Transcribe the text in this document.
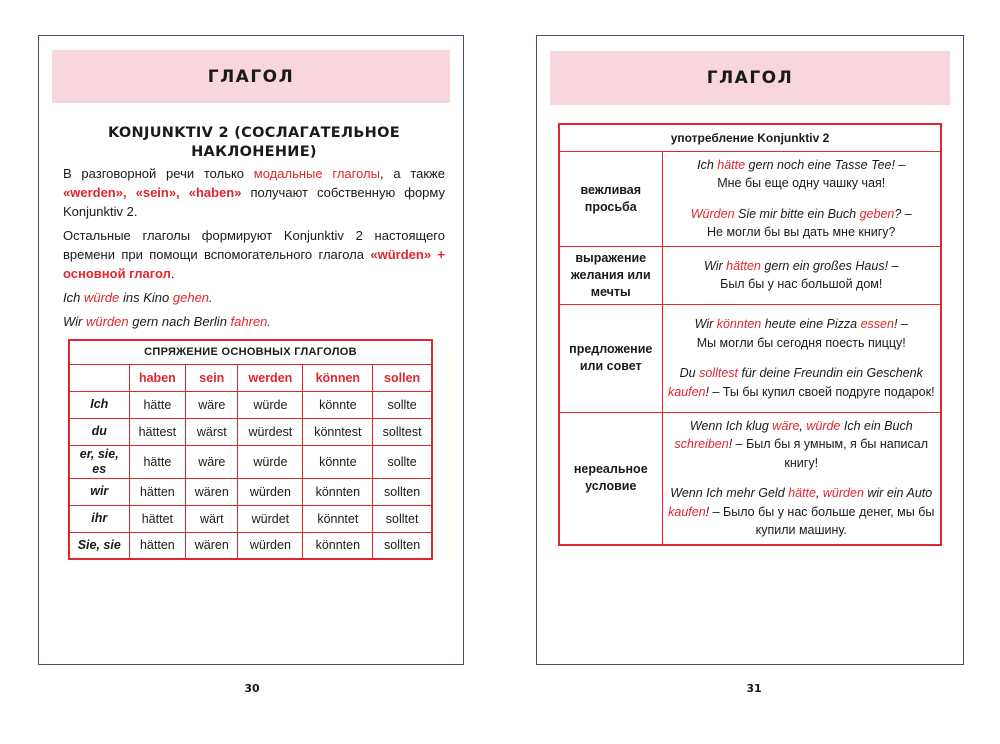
ГЛАГОЛ
KONJUNKTIV 2 (СОСЛАГАТЕЛЬНОЕ НАКЛОНЕНИЕ)

В разговорной речи только модальные глаголы, а также «werden», «sein», «haben» получают собственную форму Konjunktiv 2.

Остальные глаголы формируют Konjunktiv 2 настоящего времени при помощи вспомогательного глагола «würden» + основной глагол.

Ich würde ins Kino gehen.

Wir würden gern nach Berlin fahren.

СПРЯЖЕНИЕ ОСНОВНЫХ ГЛАГОЛОВ					
	haben	sein	werden	können	sollen
Ich	hätte	wäre	würde	könnte	sollte
du	hättest	wärst	würdest	könntest	solltest
er, sie, es	hätte	wäre	würde	könnte	sollte
wir	hätten	wären	würden	könnten	sollten
ihr	hättet	wärt	würdet	könntet	solltet
Sie, sie	hätten	wären	würden	könnten	sollten
30
ГЛАГОЛ
употребление Konjunktiv 2	
вежливая просьба	Ich hätte gern noch eine Tasse Tee! –
Мне бы еще одну чашку чая!
Würden Sie mir bitte ein Buch geben? –
Не могли бы вы дать мне книгу?

выражение желания или мечты	Wir hätten gern ein großes Haus! –
Был бы у нас большой дом!

предложение или совет	Wir könnten heute eine Pizza essen! –
Мы могли бы сегодня поесть пиццу!
Du solltest für deine Freundin ein Geschenk kaufen! – Ты бы купил своей подруге подарок!

нереальное условие	Wenn Ich klug wäre, würde Ich ein Buch schreiben! – Был бы я умным, я бы написал книгу!
Wenn Ich mehr Geld hätte, würden wir ein Auto kaufen! – Было бы у нас больше денег, мы бы купили машину.
31
